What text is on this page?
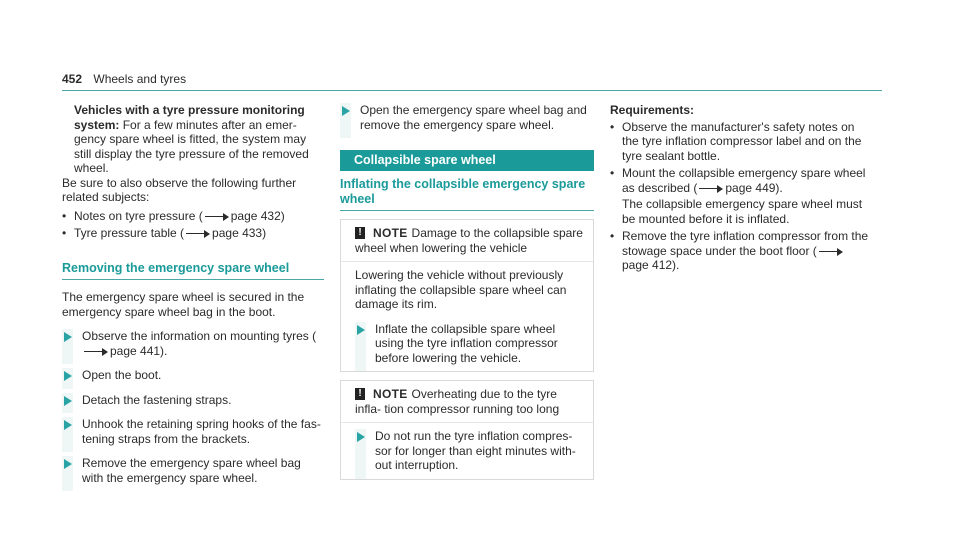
452 Wheels and tyres

Vehicles with a tyre pressure monitoring system: For a few minutes after an emer- gency spare wheel is fitted, the system may still display the tyre pressure of the removed wheel.

Be sure to also observe the following further related subjects:

• Notes on tyre pressure ( page 432)
• Tyre pressure table ( page 433)
Removing the emergency spare wheel

The emergency spare wheel is secured in the emergency spare wheel bag in the boot.

Observe the information on mounting tyres (page 441).
Open the boot.
Detach the fastening straps.
Unhook the retaining spring hooks of the fas- tening straps from the brackets.
Remove the emergency spare wheel bag with the emergency spare wheel.
Open the emergency spare wheel bag and remove the emergency spare wheel.
Collapsible spare wheel
Inflating the collapsible emergency spare wheel
! NOTE Damage to the collapsible spare wheel when lowering the vehicle

Lowering the vehicle without previously inflating the collapsible spare wheel can damage its rim.

Inflate the collapsible spare wheel using the tyre inflation compressor before lowering the vehicle.
! NOTE Overheating due to the tyre infla- tion compressor running too long
Do not run the tyre inflation compres- sor for longer than eight minutes with- out interruption.

Requirements:

• Observe the manufacturer's safety notes on the tyre inflation compressor label and on the tyre sealant bottle.
• Mount the collapsible emergency spare wheel as described ( page 449).

The collapsible emergency spare wheel must be mounted before it is inflated.

• Remove the tyre inflation compressor from the stowage space under the boot floor (page 412).
